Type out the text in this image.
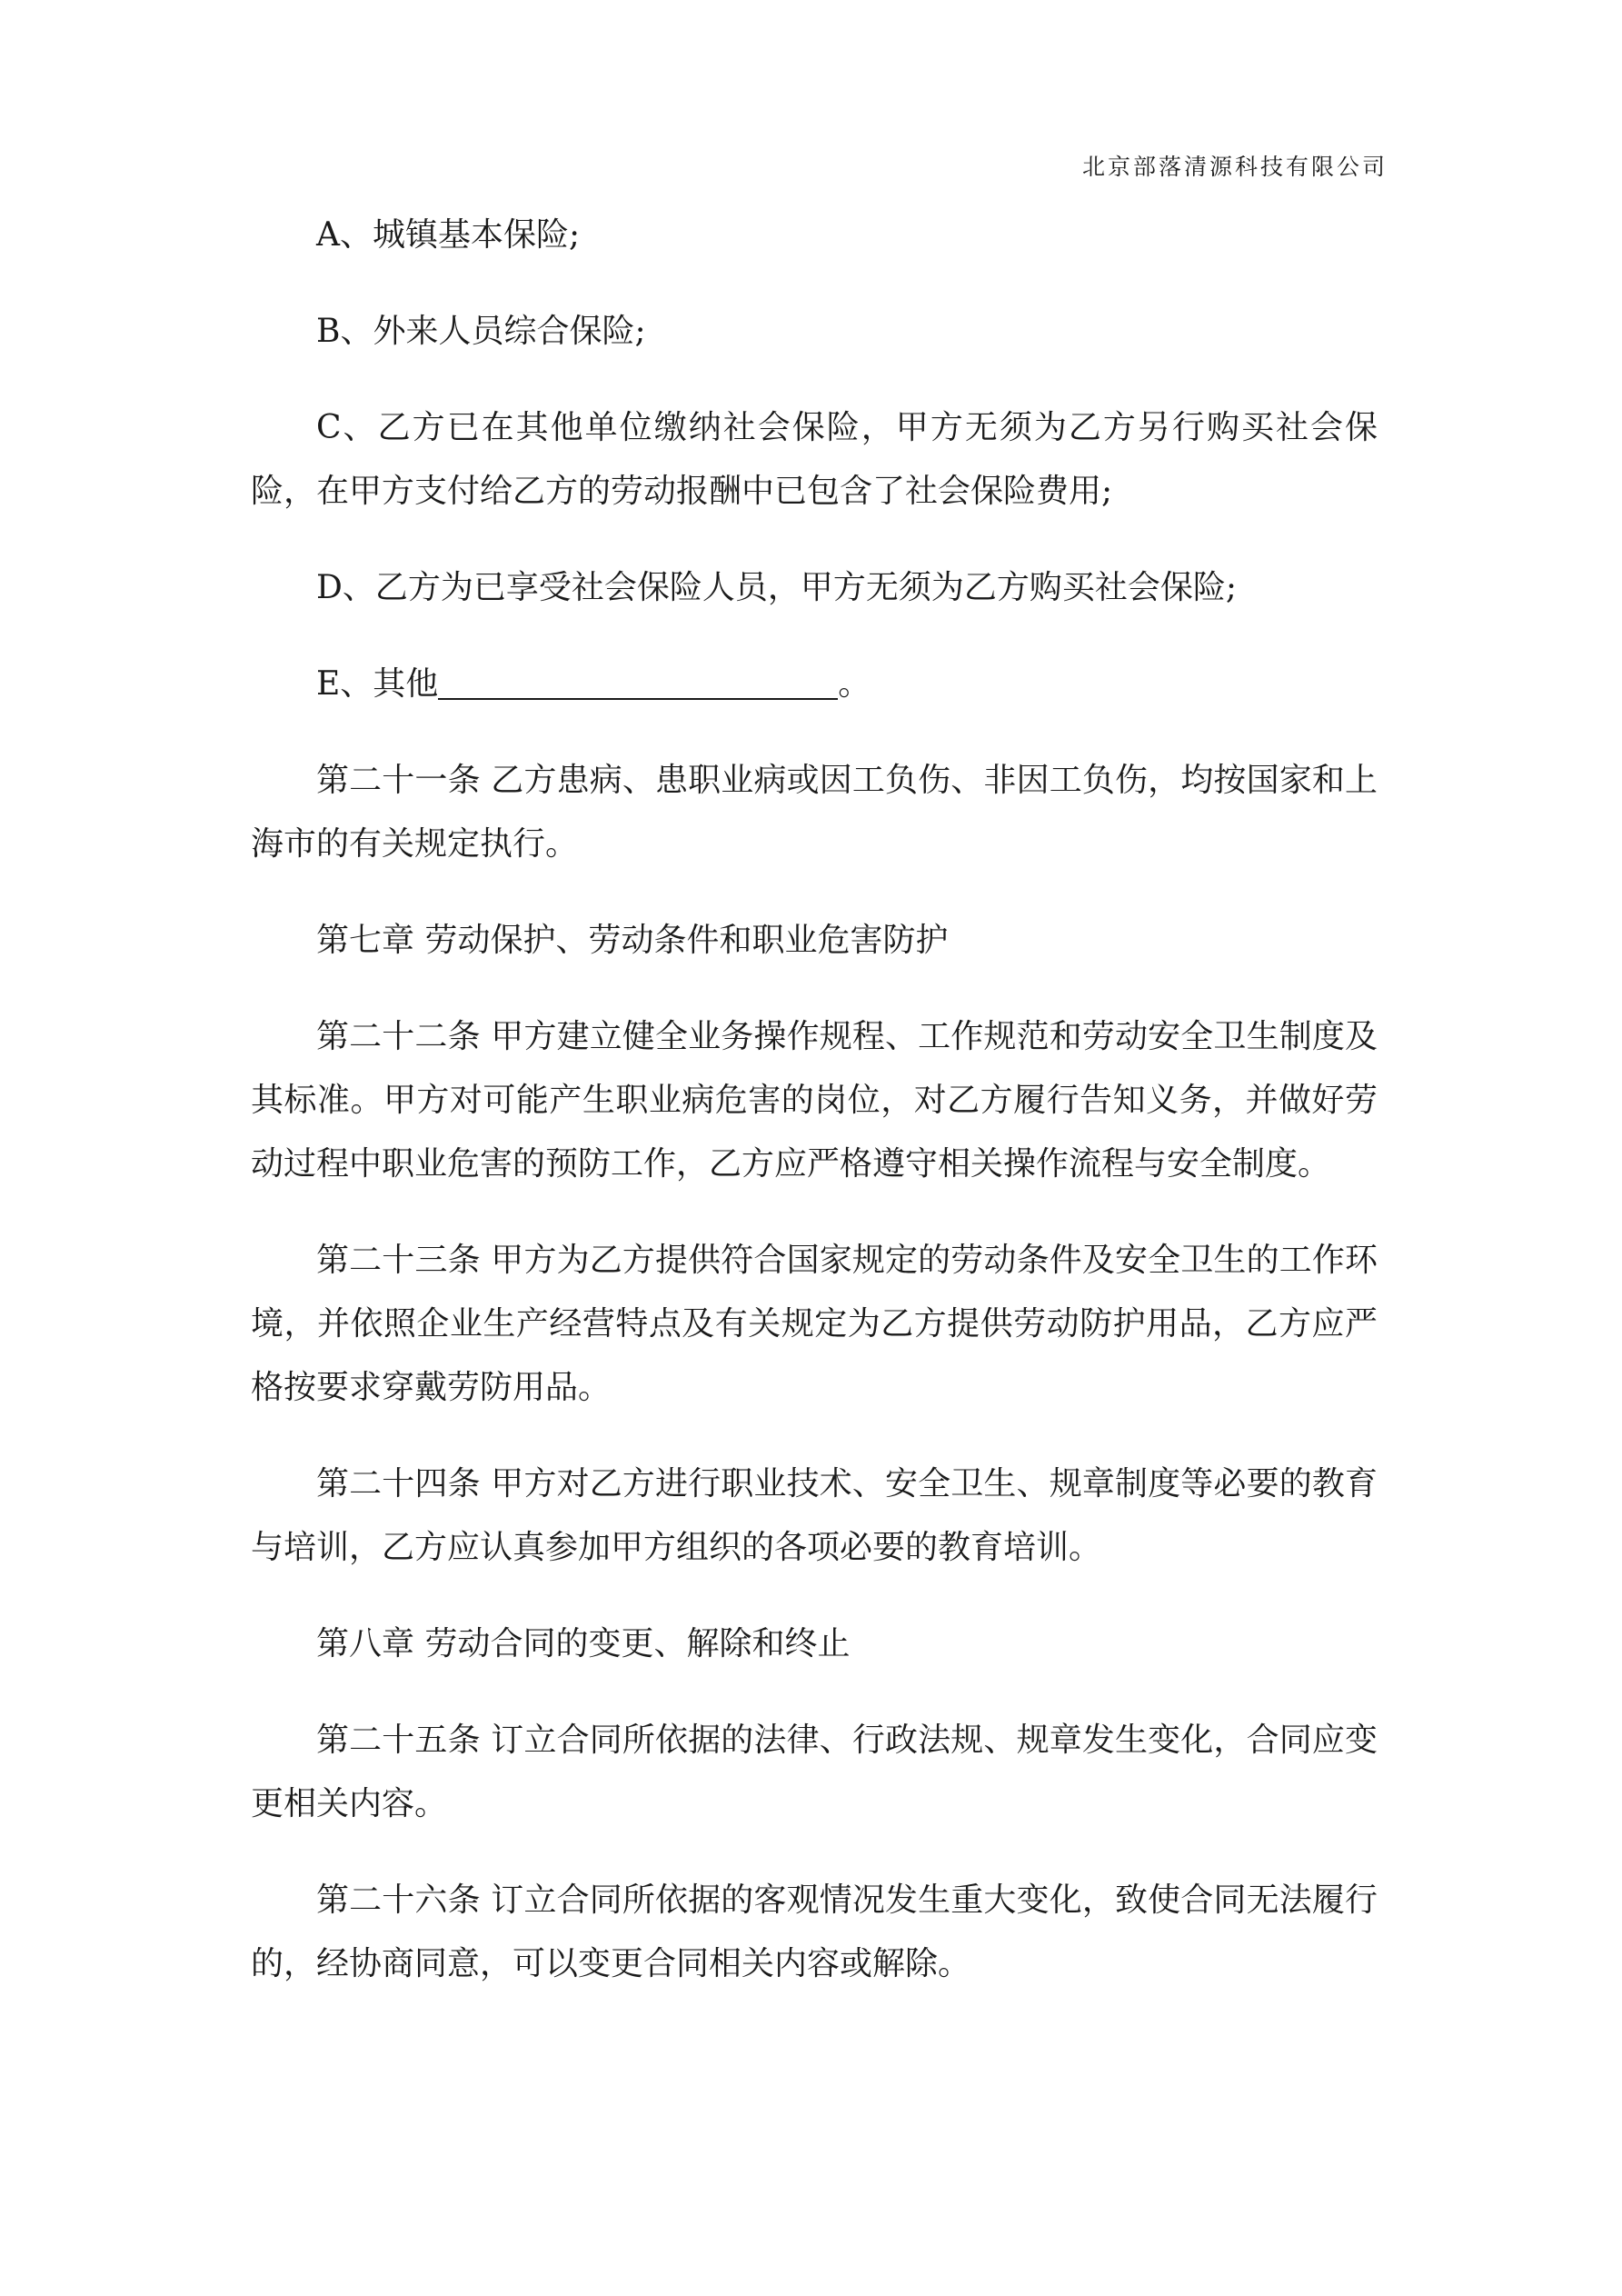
北京部落清源科技有限公司

A、城镇基本保险;

B、外来人员综合保险;

C、乙方已在其他单位缴纳社会保险，甲方无须为乙方另行购买社会保险，在甲方支付给乙方的劳动报酬中已包含了社会保险费用;

D、乙方为已享受社会保险人员，甲方无须为乙方购买社会保险;

E、其他	。

第二十一条 乙方患病、患职业病或因工负伤、非因工负伤，均按国家和上海市的有关规定执行。

第七章 劳动保护、劳动条件和职业危害防护

第二十二条 甲方建立健全业务操作规程、工作规范和劳动安全卫生制度及其标准。甲方对可能产生职业病危害的岗位，对乙方履行告知义务，并做好劳动过程中职业危害的预防工作，乙方应严格遵守相关操作流程与安全制度。

第二十三条 甲方为乙方提供符合国家规定的劳动条件及安全卫生的工作环境，并依照企业生产经营特点及有关规定为乙方提供劳动防护用品，乙方应严格按要求穿戴劳防用品。

第二十四条 甲方对乙方进行职业技术、安全卫生、规章制度等必要的教育与培训，乙方应认真参加甲方组织的各项必要的教育培训。

第八章 劳动合同的变更、解除和终止

第二十五条 订立合同所依据的法律、行政法规、规章发生变化，合同应变更相关内容。

第二十六条 订立合同所依据的客观情况发生重大变化，致使合同无法履行的，经协商同意，可以变更合同相关内容或解除。
